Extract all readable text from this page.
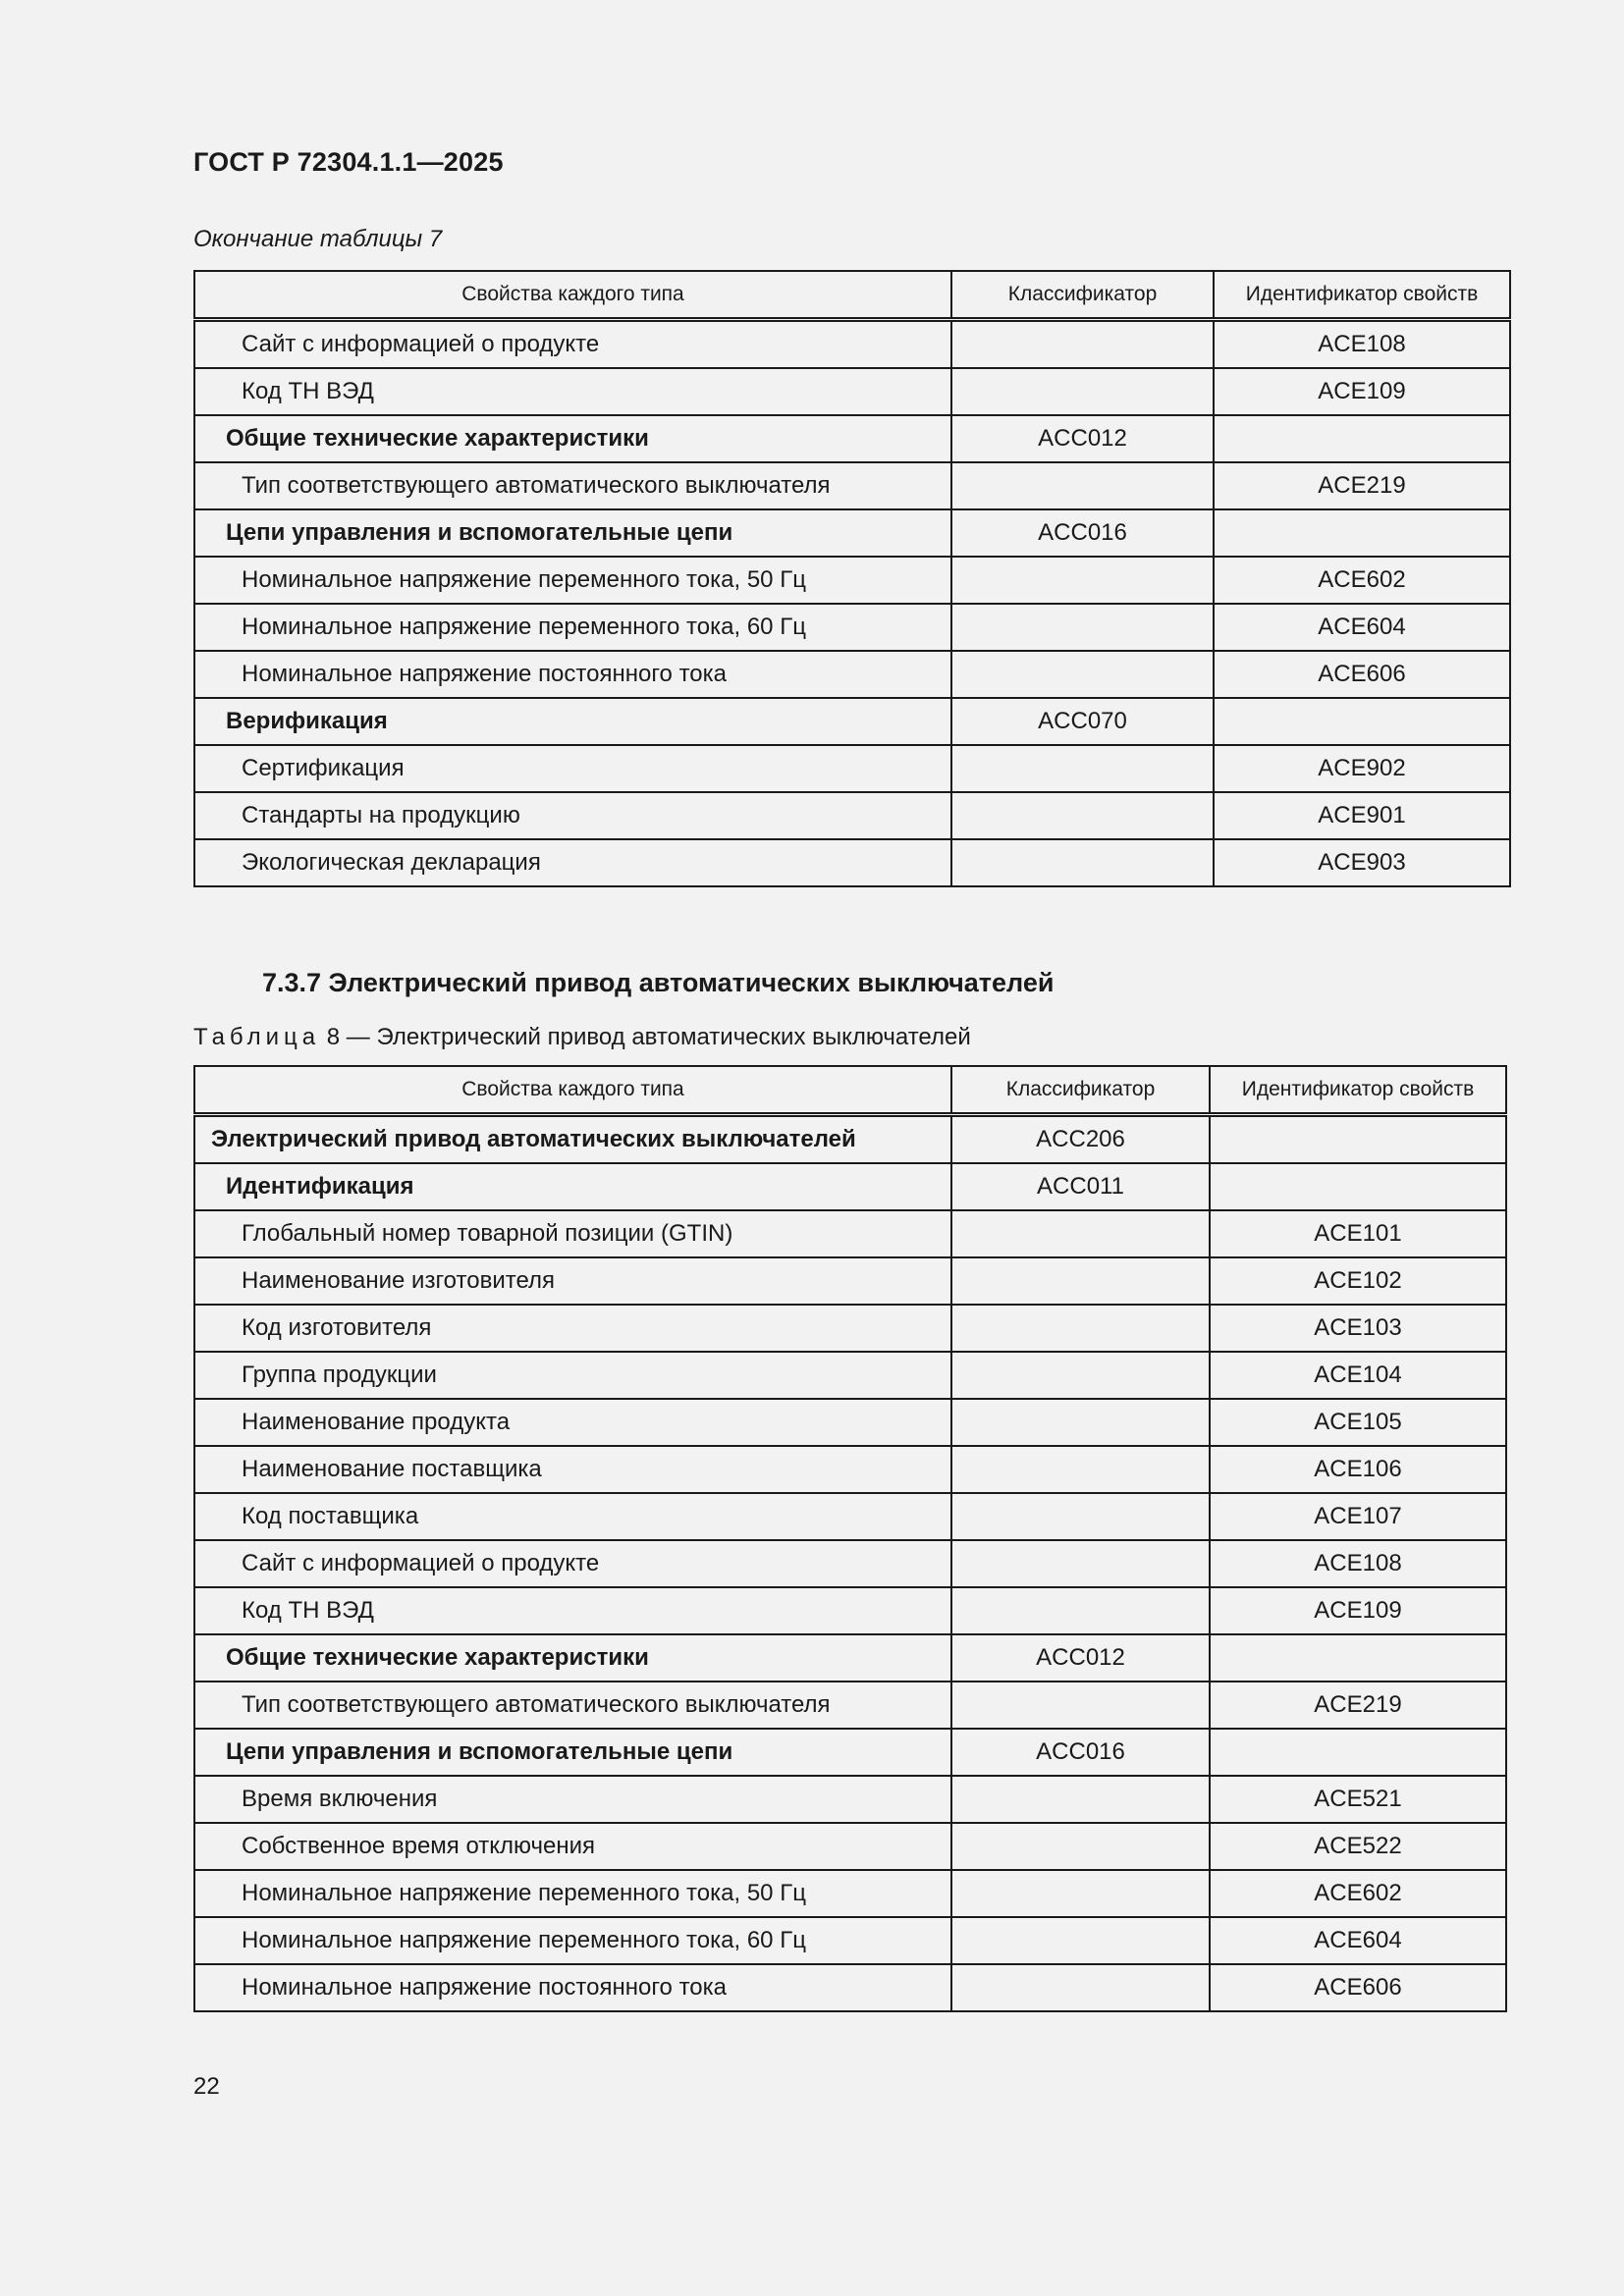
ГОСТ Р 72304.1.1—2025
Окончание таблицы 7
Свойства каждого типа	Классификатор	Идентификатор свойств
Сайт с информацией о продукте		ACE108
Код ТН ВЭД		ACE109
Общие технические характеристики	ACC012	
Тип соответствующего автоматического выключателя		ACE219
Цепи управления и вспомогательные цепи	ACC016	
Номинальное напряжение переменного тока, 50 Гц		ACE602
Номинальное напряжение переменного тока, 60 Гц		ACE604
Номинальное напряжение постоянного тока		ACE606
Верификация	ACC070	
Сертификация		ACE902
Стандарты на продукцию		ACE901
Экологическая декларация		ACE903
7.3.7 Электрический привод автоматических выключателей
Таблица 8 — Электрический привод автоматических выключателей
Свойства каждого типа	Классификатор	Идентификатор свойств
Электрический привод автоматических выключателей	ACC206	
Идентификация	ACC011	
Глобальный номер товарной позиции (GTIN)		ACE101
Наименование изготовителя		ACE102
Код изготовителя		ACE103
Группа продукции		ACE104
Наименование продукта		ACE105
Наименование поставщика		ACE106
Код поставщика		ACE107
Сайт с информацией о продукте		ACE108
Код ТН ВЭД		ACE109
Общие технические характеристики	ACC012	
Тип соответствующего автоматического выключателя		ACE219
Цепи управления и вспомогательные цепи	ACC016	
Время включения		ACE521
Собственное время отключения		ACE522
Номинальное напряжение переменного тока, 50 Гц		ACE602
Номинальное напряжение переменного тока, 60 Гц		ACE604
Номинальное напряжение постоянного тока		ACE606
22
